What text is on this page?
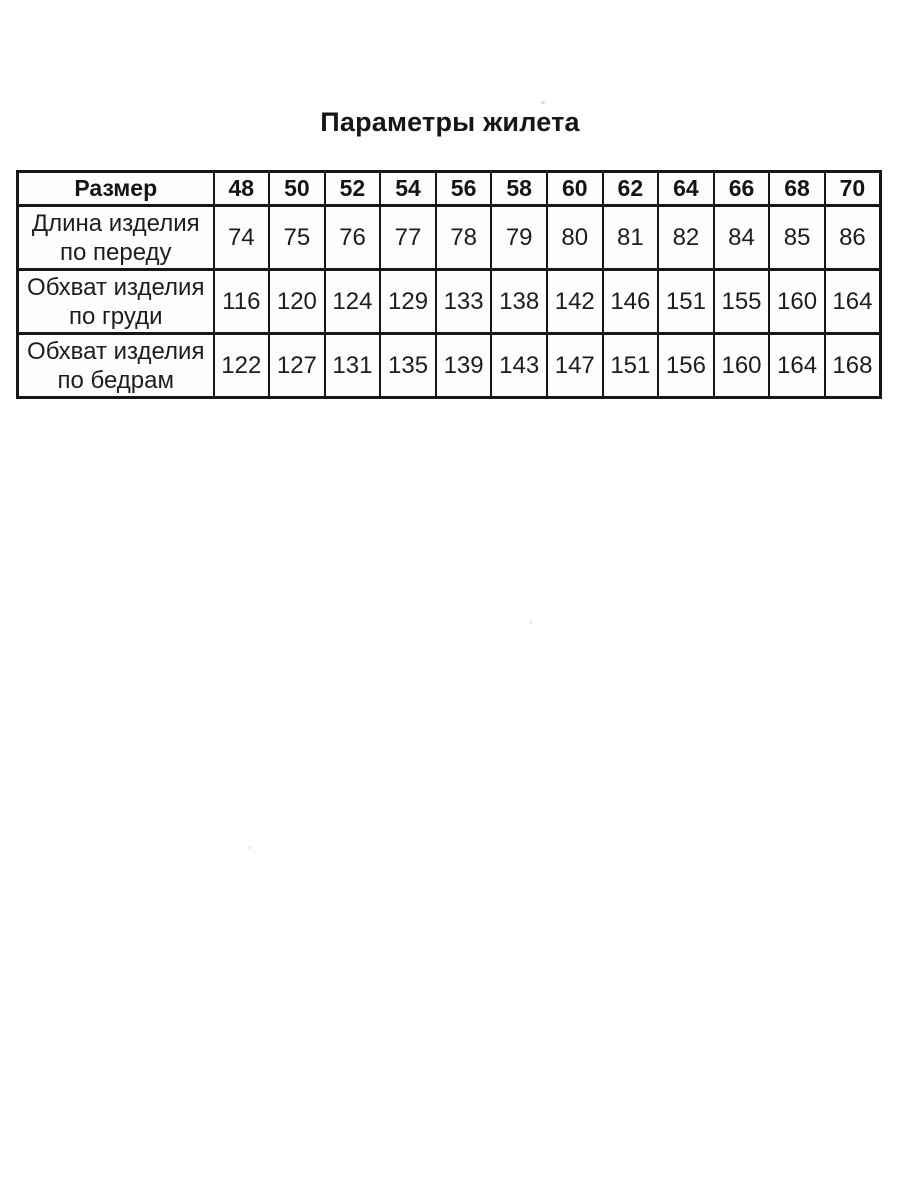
Параметры жилета
Размер	48	50	52	54	56	58	60	62	64	66	68	70

Длина изделия
по переду	74	75	76	77	78	79	80	81	82	84	85	86

Обхват изделия
по груди	116	120	124	129	133	138	142	146	151	155	160	164

Обхват изделия
по бедрам	122	127	131	135	139	143	147	151	156	160	164	168
